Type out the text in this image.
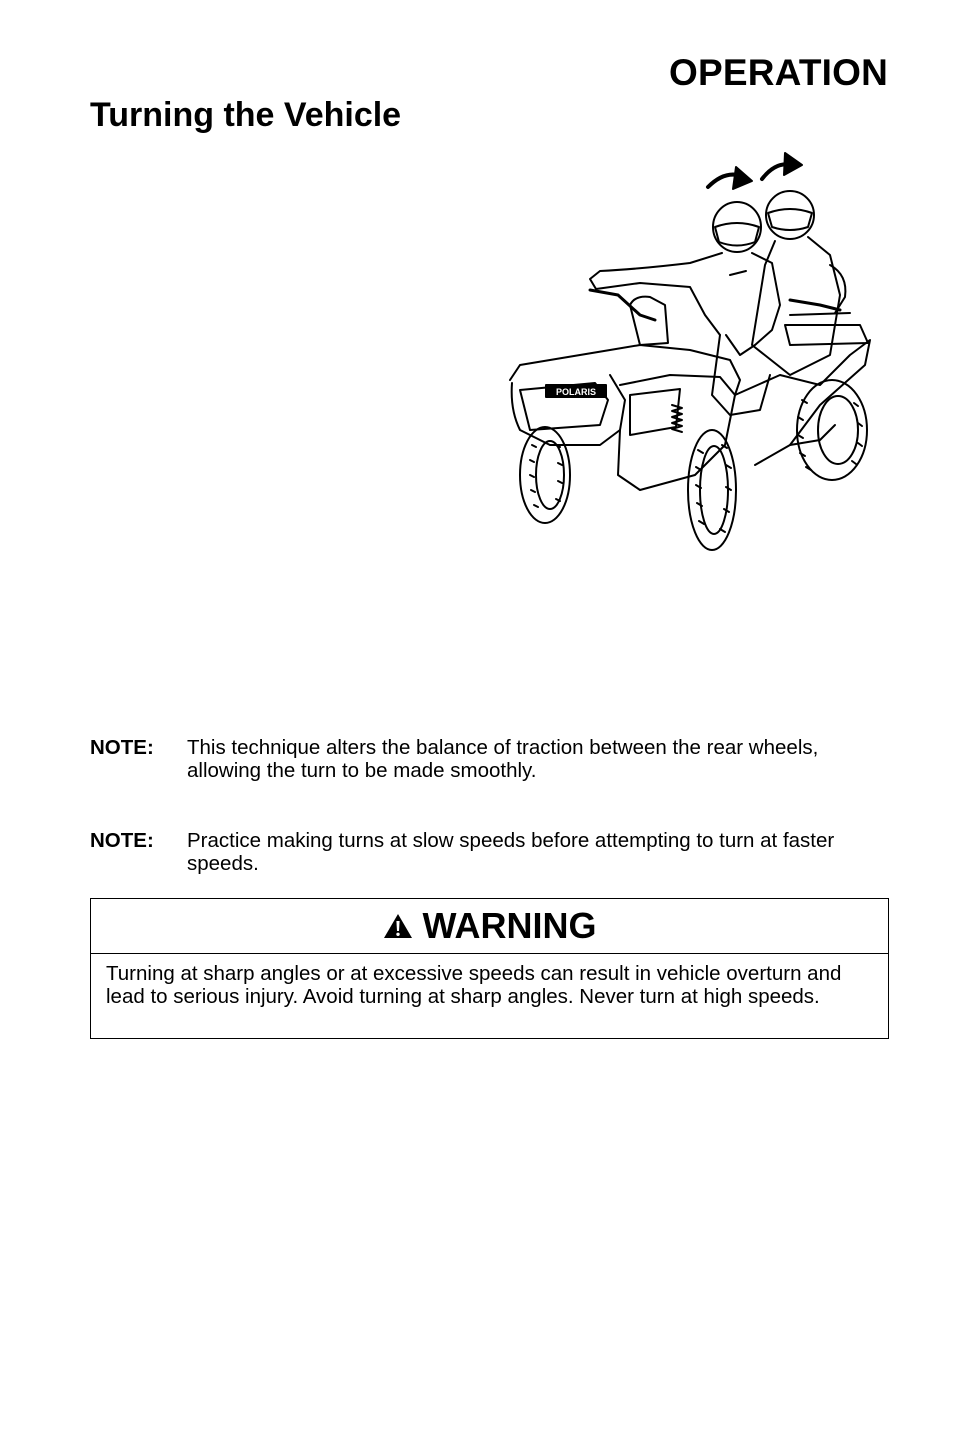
OPERATION
Turning the Vehicle
POLARIS
NOTE: This technique alters the balance of traction between the rear wheels, allowing the turn to be made smoothly.
NOTE: Practice making turns at slow speeds before attempting to turn at faster speeds.
WARNING
Turning at sharp angles or at excessive speeds can result in vehicle overturn and lead to serious injury. Avoid turning at sharp angles. Never turn at high speeds.
